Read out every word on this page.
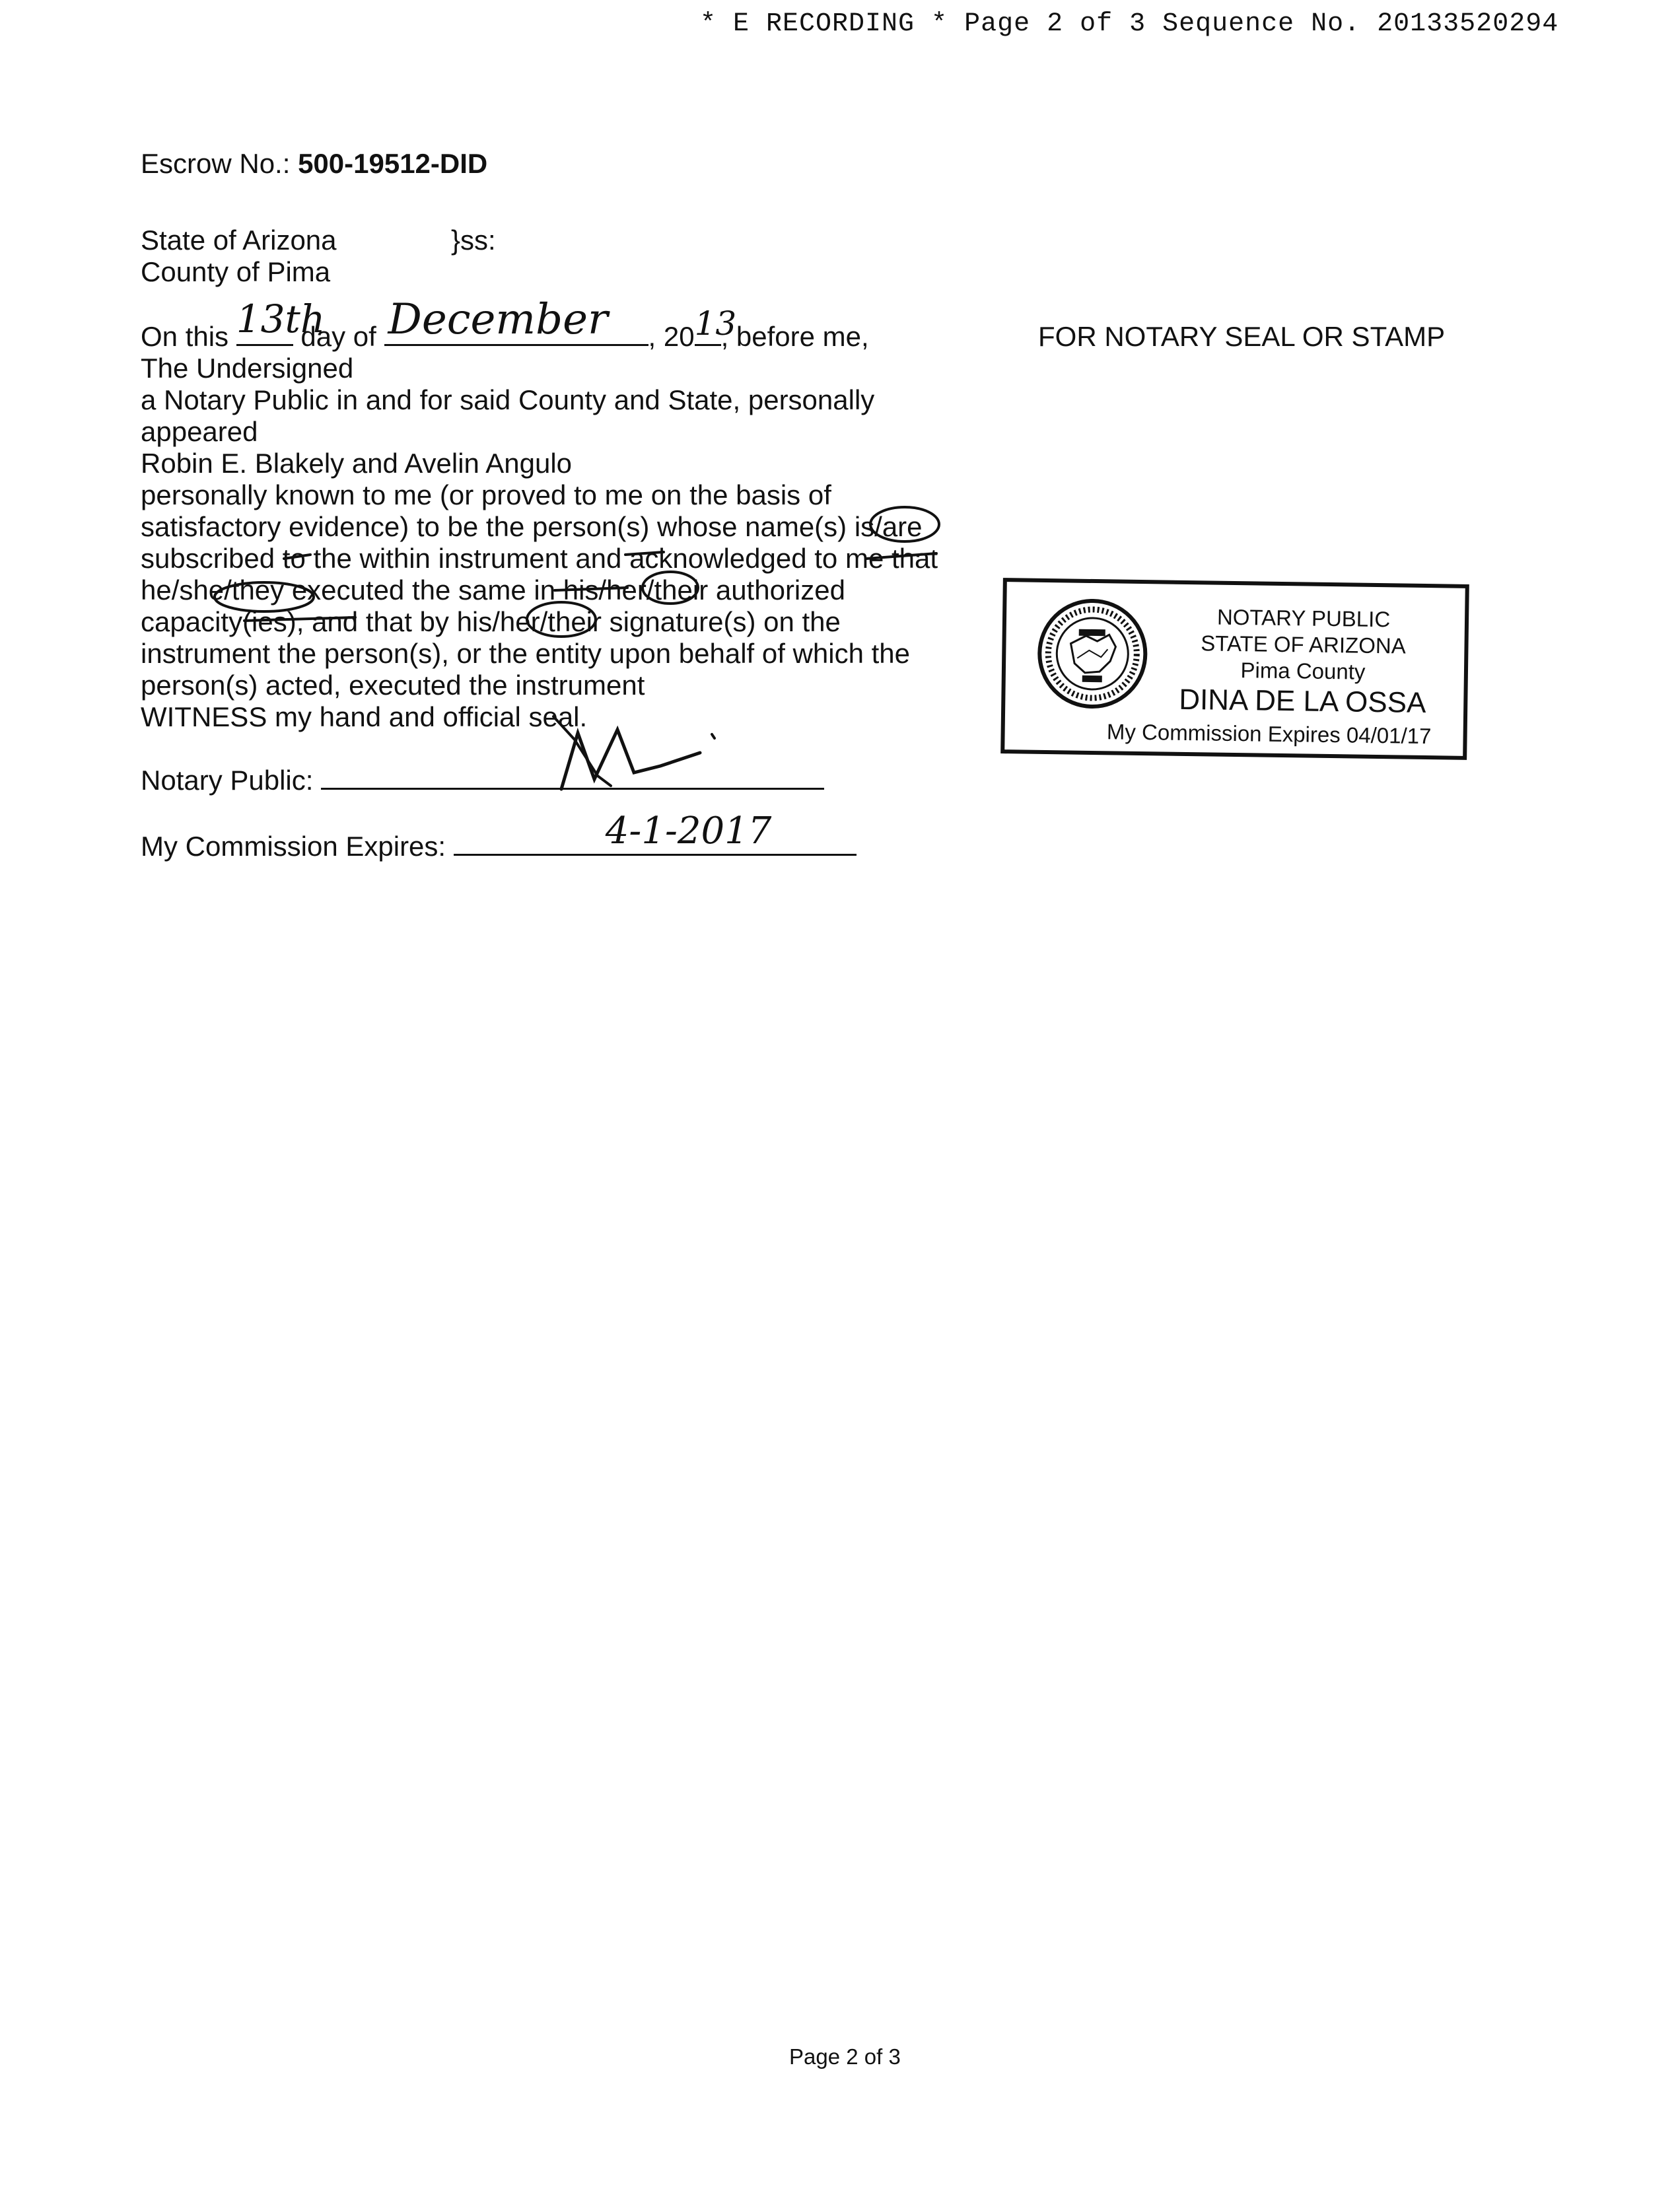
* E RECORDING * Page 2 of 3 Sequence No. 20133520294
Escrow No.: 500-19512-DID
State of Arizona	}ss:
County of Pima
On this 13th
day of December , 20 13
, before me,
The Undersigned
a Notary Public in and for said County and State, personally
appeared
Robin E. Blakely and Avelin Angulo
personally known to me (or proved to me on the basis of
satisfactory evidence) to be the person(s) whose name(s) is/are
subscribed to the within instrument and acknowledged to me that
he/she/they executed the same in his/her/their authorized
capacity(ies), and that by his/her/their signature(s) on the
instrument the person(s), or the entity upon behalf of which the
person(s) acted, executed the instrument
WITNESS my hand and official seal.
Notary Public:
My Commission Expires:	4-1-2017
FOR NOTARY SEAL OR STAMP
NOTARY PUBLIC
STATE OF ARIZONA
Pima County
DINA DE LA OSSA
My Commission Expires 04/01/17
Page 2 of 3
